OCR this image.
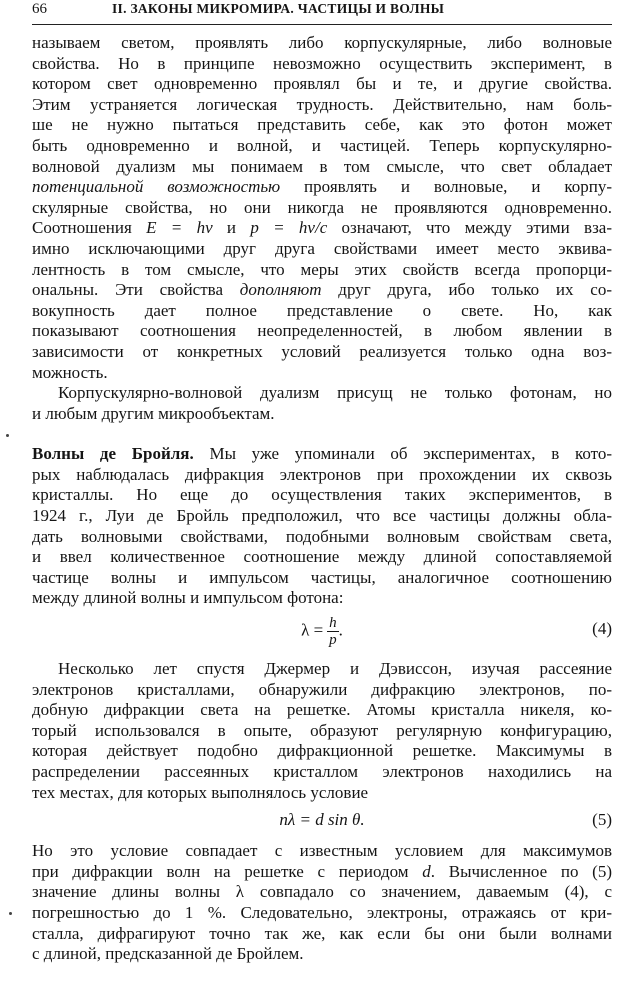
66	II. ЗАКОНЫ МИКРОМИРА. ЧАСТИЦЫ И ВОЛНЫ
называем светом, проявлять либо корпускулярные, либо волновые
свойства. Но в принципе невозможно осуществить эксперимент, в
котором свет одновременно проявлял бы и те, и другие свойства.
Этим устраняется логическая трудность. Действительно, нам боль-
ше не нужно пытаться представить себе, как это фотон может
быть одновременно и волной, и частицей. Теперь корпускулярно-
волновой дуализм мы понимаем в том смысле, что свет обладает
потенциальной возможностью проявлять и волновые, и корпу-
скулярные свойства, но они никогда не проявляются одновременно.
Соотношения E = hν и p = hν/c означают, что между этими вза-
имно исключающими друг друга свойствами имеет место эквива-
лентность в том смысле, что меры этих свойств всегда пропорци-
ональны. Эти свойства дополняют друг друга, ибо только их со-
вокупность дает полное представление о свете. Но, как
показывают соотношения неопределенностей, в любом явлении в
зависимости от конкретных условий реализуется только одна воз-
можность.
Корпускулярно-волновой дуализм присущ не только фотонам, но
и любым другим микрообъектам.
Волны де Бройля. Мы уже упоминали об экспериментах, в кото-
рых наблюдалась дифракция электронов при прохождении их сквозь
кристаллы. Но еще до осуществления таких экспериментов, в
1924 г., Луи де Бройль предположил, что все частицы должны обла-
дать волновыми свойствами, подобными волновым свойствам света,
и ввел количественное соотношение между длиной сопоставляемой
частице волны и импульсом частицы, аналогичное соотношению
между длиной волны и импульсом фотона:
$\lambda = \frac{h}{p}$ .	(4)
Несколько лет спустя Джермер и Дэвиссон, изучая рассеяние
электронов кристаллами, обнаружили дифракцию электронов, по-
добную дифракции света на решетке. Атомы кристалла никеля, ко-
торый использовался в опыте, образуют регулярную конфигурацию,
которая действует подобно дифракционной решетке. Максимумы в
распределении рассеянных кристаллом электронов находились на
тех местах, для которых выполнялось условие
nλ = d sin θ.	(5)
Но это условие совпадает с известным условием для максимумов
при дифракции волн на решетке с периодом d. Вычисленное по (5)
значение длины волны λ совпадало со значением, даваемым (4), с
погрешностью до 1 %. Следовательно, электроны, отражаясь от кри-
сталла, дифрагируют точно так же, как если бы они были волнами
с длиной, предсказанной де Бройлем.
